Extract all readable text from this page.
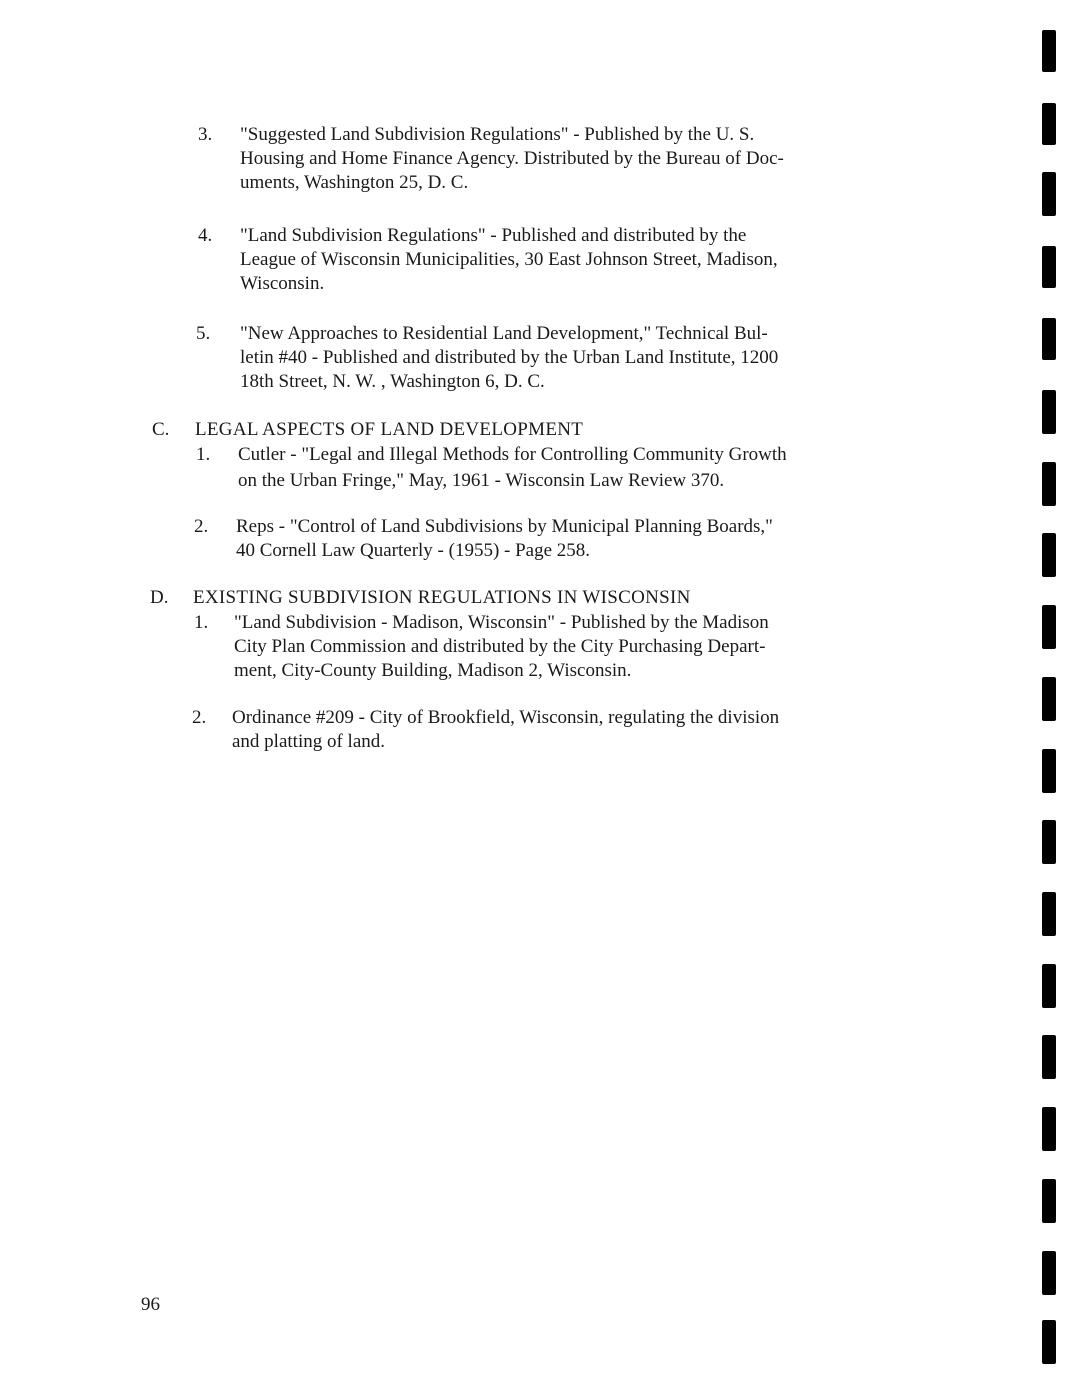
3. "Suggested Land Subdivision Regulations" - Published by the U. S.
Housing and Home Finance Agency. Distributed by the Bureau of Doc-
uments, Washington 25, D. C.
4. "Land Subdivision Regulations" - Published and distributed by the
League of Wisconsin Municipalities, 30 East Johnson Street, Madison,
Wisconsin.
5. "New Approaches to Residential Land Development," Technical Bul-
letin #40 - Published and distributed by the Urban Land Institute, 1200
18th Street, N. W. , Washington 6, D. C.
C. LEGAL ASPECTS OF LAND DEVELOPMENT
1. Cutler - "Legal and Illegal Methods for Controlling Community Growth
on the Urban Fringe," May, 1961 - Wisconsin Law Review 370.
2. Reps - "Control of Land Subdivisions by Municipal Planning Boards,"
40 Cornell Law Quarterly - (1955) - Page 258.
D. EXISTING SUBDIVISION REGULATIONS IN WISCONSIN
1. "Land Subdivision - Madison, Wisconsin" - Published by the Madison
City Plan Commission and distributed by the City Purchasing Depart-
ment, City-County Building, Madison 2, Wisconsin.
2. Ordinance #209 - City of Brookfield, Wisconsin, regulating the division
and platting of land.
96
